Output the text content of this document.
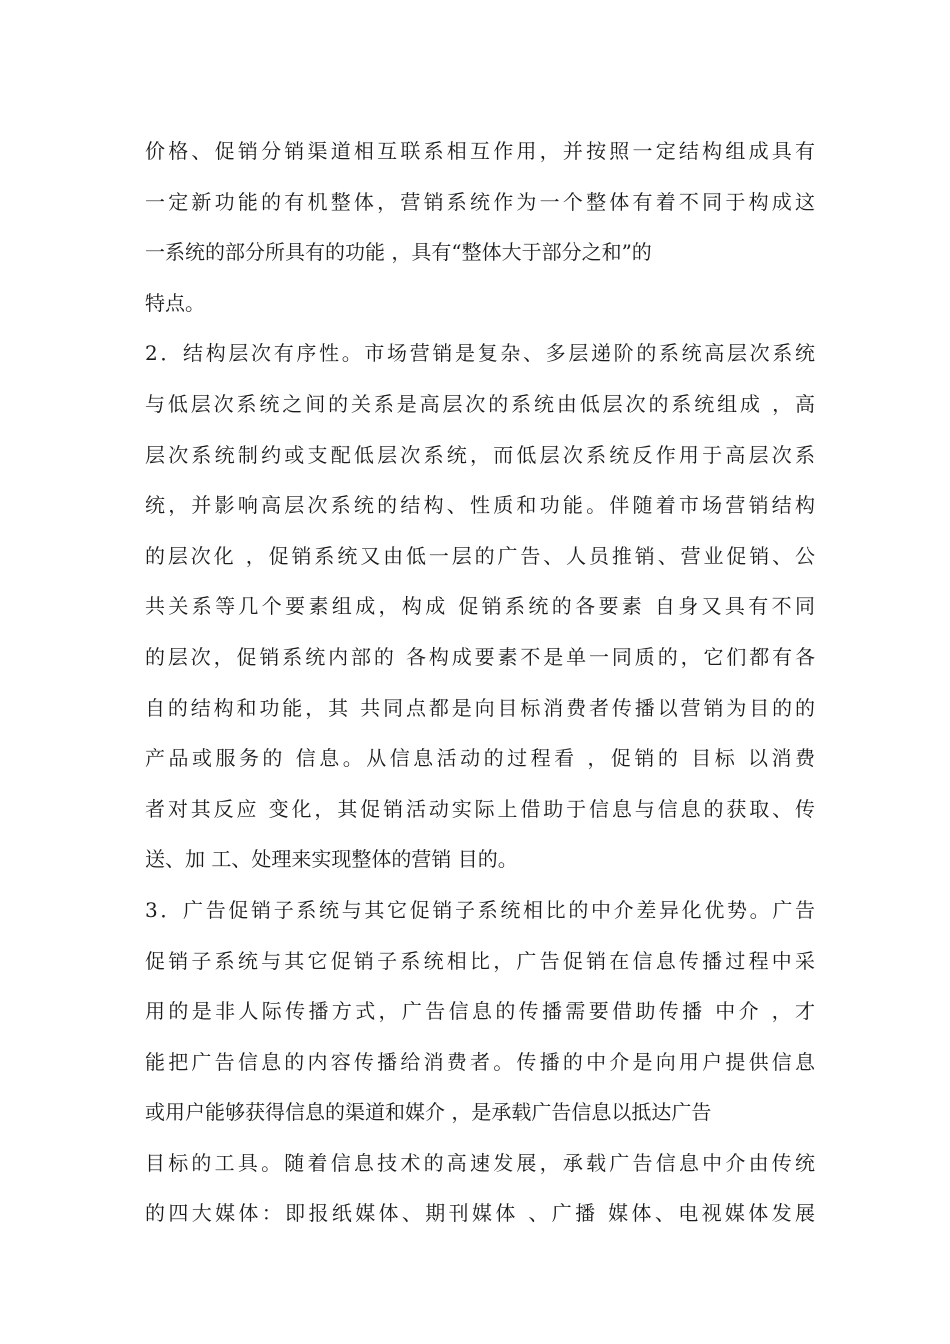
价格、促销分销渠道相互联系相互作用，并按照一定结构组成具有
一定新功能的有机整体，营销系统作为一个整体有着不同于构成这
一系统的部分所具有的功能 ，具有“整体大于部分之和”的
特点。
2．结构层次有序性。市场营销是复杂、多层递阶的系统高层次系统
与低层次系统之间的关系是高层次的系统由低层次的系统组成 ，高
层次系统制约或支配低层次系统，而低层次系统反作用于高层次系
统，并影响高层次系统的结构、性质和功能。伴随着市场营销结构
的层次化 ，促销系统又由低一层的广告、人员推销、营业促销、公
共关系等几个要素组成，构成 促销系统的各要素 自身又具有不同
的层次，促销系统内部的 各构成要素不是单一同质的，它们都有各
自的结构和功能，其 共同点都是向目标消费者传播以营销为目的的
产品或服务的 信息。从信息活动的过程看 ，促销的 目标 以消费
者对其反应 变化，其促销活动实际上借助于信息与信息的获取、传
送、加 工、处理来实现整体的营销 目的。
3．广告促销子系统与其它促销子系统相比的中介差异化优势。广告
促销子系统与其它促销子系统相比，广告促销在信息传播过程中采
用的是非人际传播方式，广告信息的传播需要借助传播 中介 ，才
能把广告信息的内容传播给消费者。传播的中介是向用户提供信息
或用户能够获得信息的渠道和媒介 ，是承载广告信息以抵达广告
目标的工具。随着信息技术的高速发展，承载广告信息中介由传统
的四大媒体：即报纸媒体、期刊媒体 、广播 媒体、电视媒体发展
